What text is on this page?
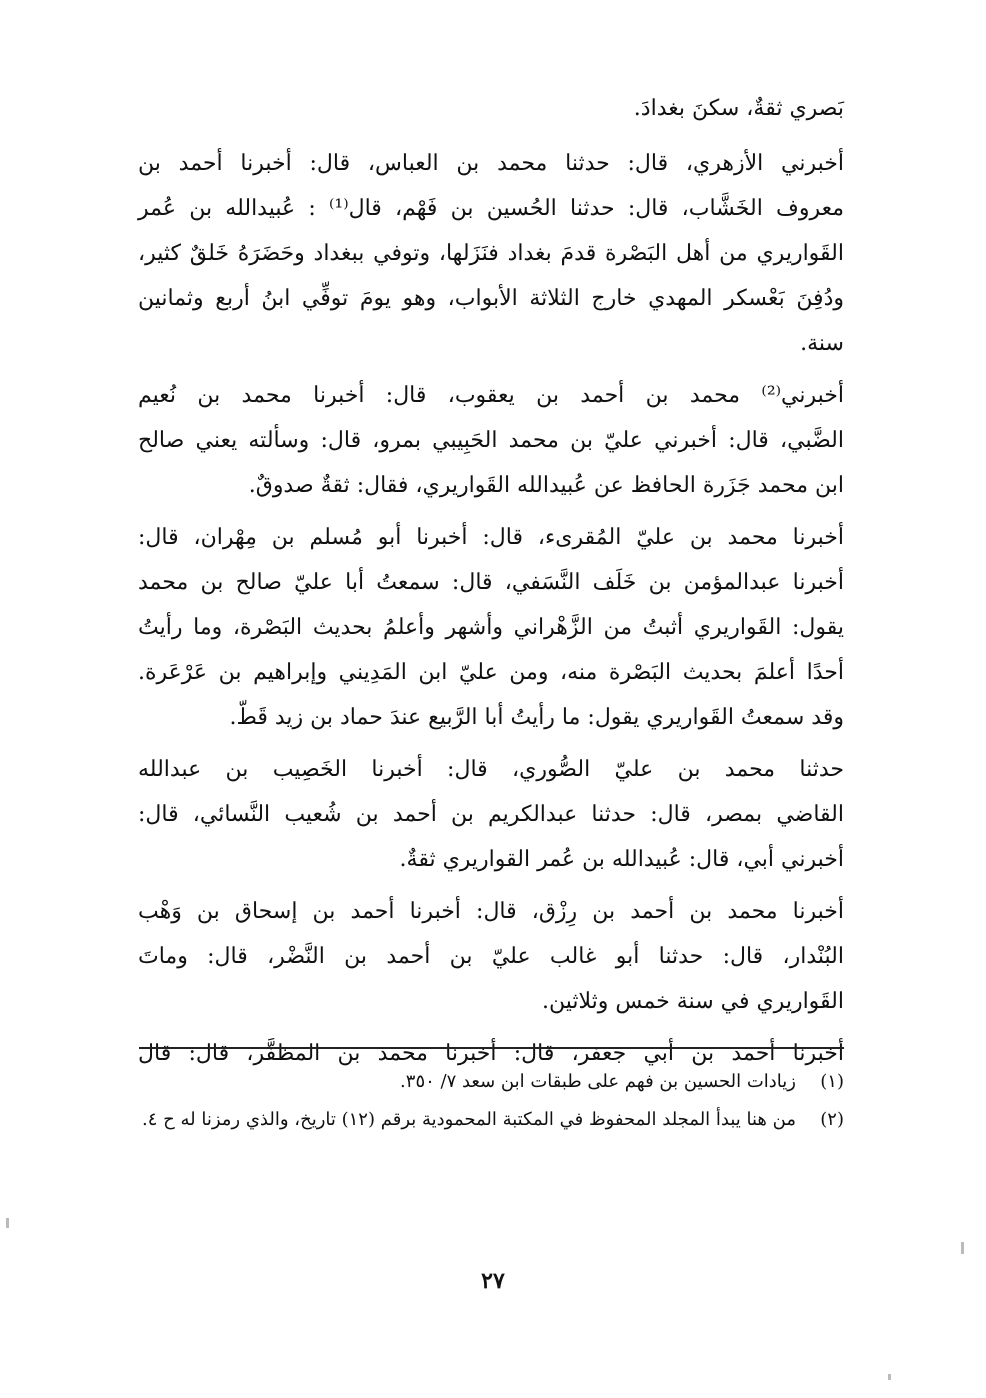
بَصري ثقةٌ، سكنَ بغدادَ.
أخبرني الأزهري، قال: حدثنا محمد بن العباس، قال: أخبرنا أحمد بن
معروف الخَشَّاب، قال: حدثنا الحُسين بن فَهْم، قال⁽¹⁾ : عُبيدالله بن عُمر
القَواريري من أهل البَصْرة قدمَ بغداد فنَزَلها، وتوفي ببغداد وحَضَرَهُ خَلقٌ كثير،
ودُفِنَ بَعْسكر المهدي خارج الثلاثة الأبواب، وهو يومَ توفِّي ابنُ أربع وثمانين
سنة.
أخبرني⁽²⁾ محمد بن أحمد بن يعقوب، قال: أخبرنا محمد بن نُعيم
الضَّبي، قال: أخبرني عليّ بن محمد الحَبِيبي بمرو، قال: وسألته يعني صالح
ابن محمد جَزَرة الحافظ عن عُبيدالله القَواريري، فقال: ثقةٌ صدوقٌ.
أخبرنا محمد بن عليّ المُقرىء، قال: أخبرنا أبو مُسلم بن مِهْران، قال:
أخبرنا عبدالمؤمن بن خَلَف النَّسَفي، قال: سمعتُ أبا عليّ صالح بن محمد
يقول: القَواريري أثبتُ من الزَّهْراني وأشهر وأعلمُ بحديث البَصْرة، وما رأيتُ
أحدًا أعلمَ بحديث البَصْرة منه، ومن عليّ ابن المَدِيني وإبراهيم بن عَرْعَرة.
وقد سمعتُ القَواريري يقول: ما رأيتُ أبا الرَّبيع عندَ حماد بن زيد قَطّ.
حدثنا محمد بن عليّ الصُّوري، قال: أخبرنا الخَصِيب بن عبدالله
القاضي بمصر، قال: حدثنا عبدالكريم بن أحمد بن شُعيب النَّسائي، قال:
أخبرني أبي، قال: عُبيدالله بن عُمر القواريري ثقةٌ.
أخبرنا محمد بن أحمد بن رِزْق، قال: أخبرنا أحمد بن إسحاق بن وَهْب
البُنْدار، قال: حدثنا أبو غالب عليّ بن أحمد بن النَّضْر، قال: وماتَ
القَواريري في سنة خمس وثلاثين.
أخبرنا أحمد بن أبي جعفر، قال: أخبرنا محمد بن المظفَّر، قال: قال
(١)
زيادات الحسين بن فهم على طبقات ابن سعد ٧/ ٣٥٠.
(٢)
من هنا يبدأ المجلد المحفوظ في المكتبة المحمودية برقم (١٢) تاريخ، والذي رمزنا له ح ٤.
٢٧
